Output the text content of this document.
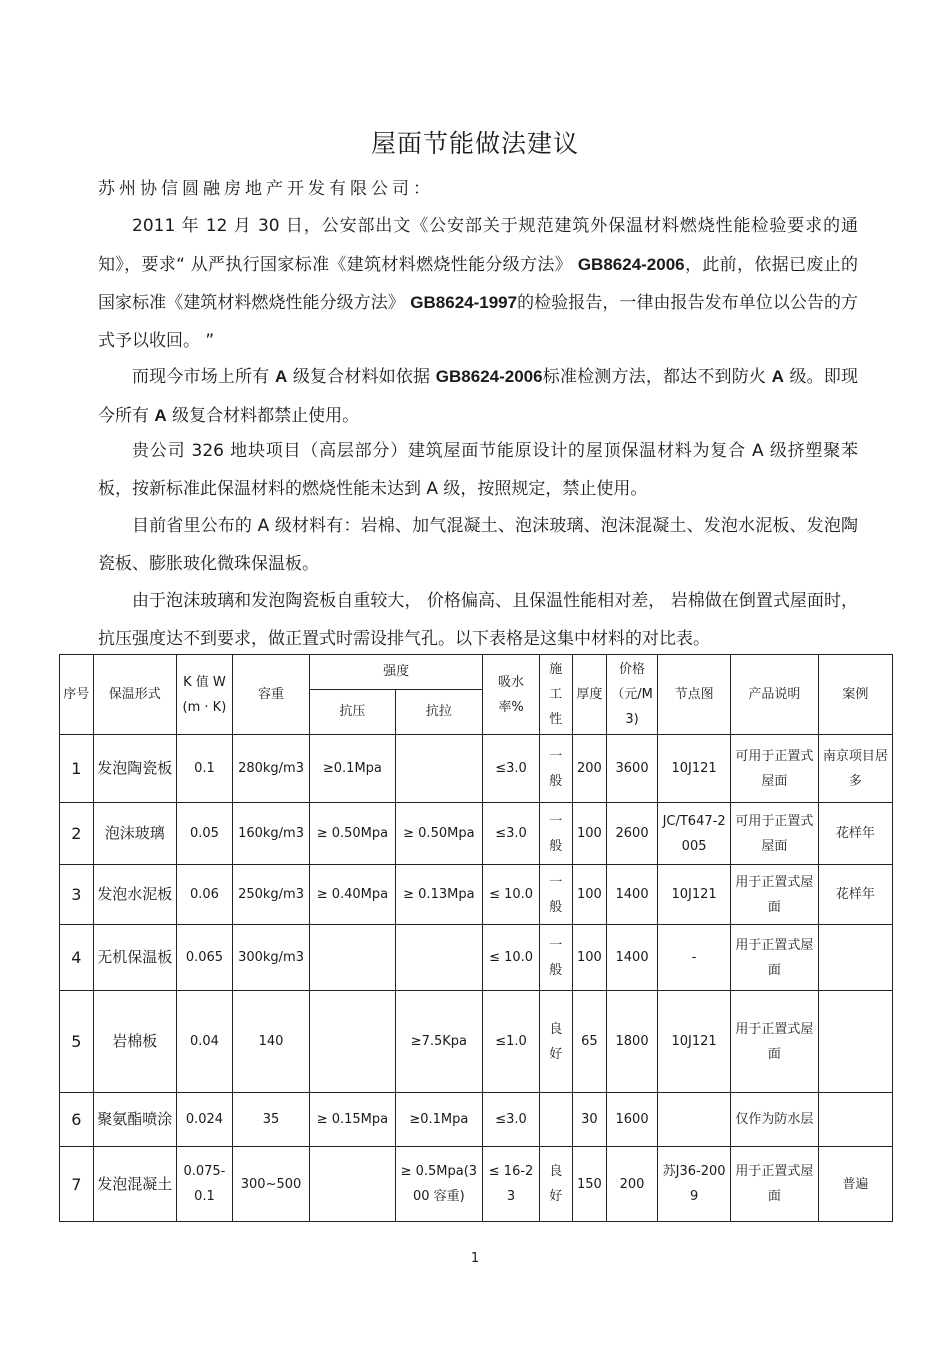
屋面节能做法建议
苏州协信圆融房地产开发有限公司：

2011 年 12 月 30 日，公安部出文《公安部关于规范建筑外保温材料燃烧性能检验要求的通知》，要求“ 从严执行国家标准《建筑材料燃烧性能分级方法》 GB8624-2006，此前，依据已废止的国家标准《建筑材料燃烧性能分级方法》 GB8624-1997的检验报告，一律由报告发布单位以公告的方式予以收回。 ”

而现今市场上所有 A 级复合材料如依据 GB8624-2006标准检测方法，都达不到防火 A 级。即现今所有 A 级复合材料都禁止使用。

贵公司 326 地块项目（高层部分）建筑屋面节能原设计的屋顶保温材料为复合 A 级挤塑聚苯板，按新标准此保温材料的燃烧性能未达到 A 级，按照规定，禁止使用。

目前省里公布的 A 级材料有：岩棉、加气混凝土、泡沫玻璃、泡沫混凝土、发泡水泥板、发泡陶瓷板、膨胀玻化微珠保温板。

由于泡沫玻璃和发泡陶瓷板自重较大， 价格偏高、且保温性能相对差， 岩棉做在倒置式屋面时，抗压强度达不到要求，做正置式时需设排气孔。以下表格是这集中材料的对比表。

序号	保温形式	K 值 W(m · K)	容重	强度		吸水率%	施工性	厚度	价格（元/M3)	节点图	产品说明	案例
				抗压	抗拉							
1	发泡陶瓷板	0.1	280kg/m3	≥0.1Mpa		≤3.0	一般	200	3600	10J121	可用于正置式屋面	南京项目居多
2	泡沫玻璃	0.05	160kg/m3	≥ 0.50Mpa	≥ 0.50Mpa	≤3.0	一般	100	2600	JC/T647-2005	可用于正置式屋面	花样年
3	发泡水泥板	0.06	250kg/m3	≥ 0.40Mpa	≥ 0.13Mpa	≤ 10.0	一般	100	1400	10J121	用于正置式屋面	花样年
4	无机保温板	0.065	300kg/m3			≤ 10.0	一般	100	1400	-	用于正置式屋面	
5	岩棉板	0.04	140		≥7.5Kpa	≤1.0	良好	65	1800	10J121	用于正置式屋面	
6	聚氨酯喷涂	0.024	35	≥ 0.15Mpa	≥0.1Mpa	≤3.0		30	1600		仅作为防水层	
7	发泡混凝土	0.075-0.1	300~500		≥ 0.5Mpa(300 容重)	≤ 16-23	良好	150	200	苏J36-2009	用于正置式屋面	普遍
1
